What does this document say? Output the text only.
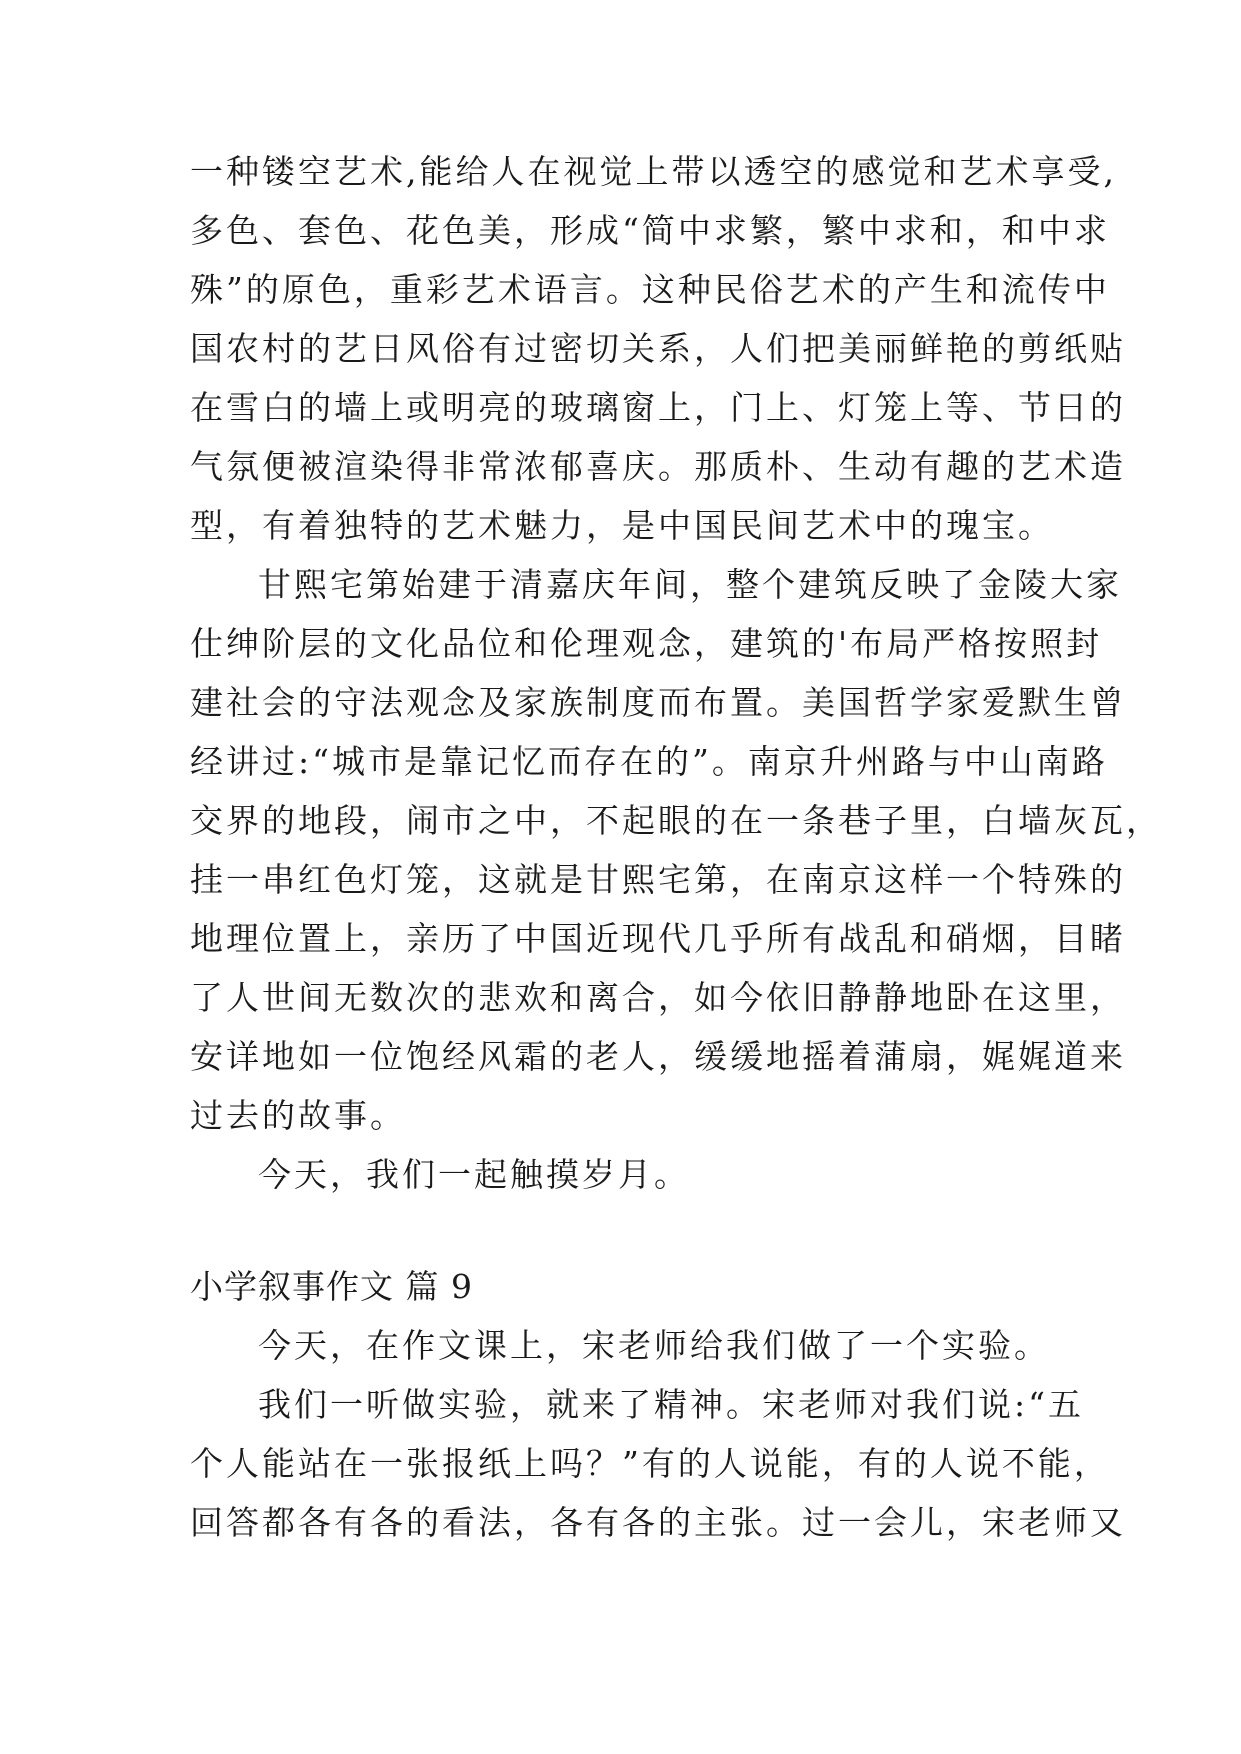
一种镂空艺术,能给人在视觉上带以透空的感觉和艺术享受,
多色、套色、花色美，形成“简中求繁，繁中求和，和中求
殊”的原色，重彩艺术语言。这种民俗艺术的产生和流传中
国农村的艺日风俗有过密切关系，人们把美丽鲜艳的剪纸贴
在雪白的墙上或明亮的玻璃窗上，门上、灯笼上等、节日的
气氛便被渲染得非常浓郁喜庆。那质朴、生动有趣的艺术造
型，有着独特的艺术魅力，是中国民间艺术中的瑰宝。
甘熙宅第始建于清嘉庆年间，整个建筑反映了金陵大家
仕绅阶层的文化品位和伦理观念，建筑的'布局严格按照封
建社会的守法观念及家族制度而布置。美国哲学家爱默生曾
经讲过:“城市是靠记忆而存在的”。南京升州路与中山南路
交界的地段，闹市之中，不起眼的在一条巷子里，白墙灰瓦，
挂一串红色灯笼，这就是甘熙宅第，在南京这样一个特殊的
地理位置上，亲历了中国近现代几乎所有战乱和硝烟，目睹
了人世间无数次的悲欢和离合，如今依旧静静地卧在这里，
安详地如一位饱经风霜的老人，缓缓地摇着蒲扇，娓娓道来
过去的故事。
今天，我们一起触摸岁月。
小学叙事作文 篇 9
今天，在作文课上，宋老师给我们做了一个实验。
我们一听做实验，就来了精神。宋老师对我们说:“五
个人能站在一张报纸上吗？”有的人说能，有的人说不能，
回答都各有各的看法，各有各的主张。过一会儿，宋老师又
